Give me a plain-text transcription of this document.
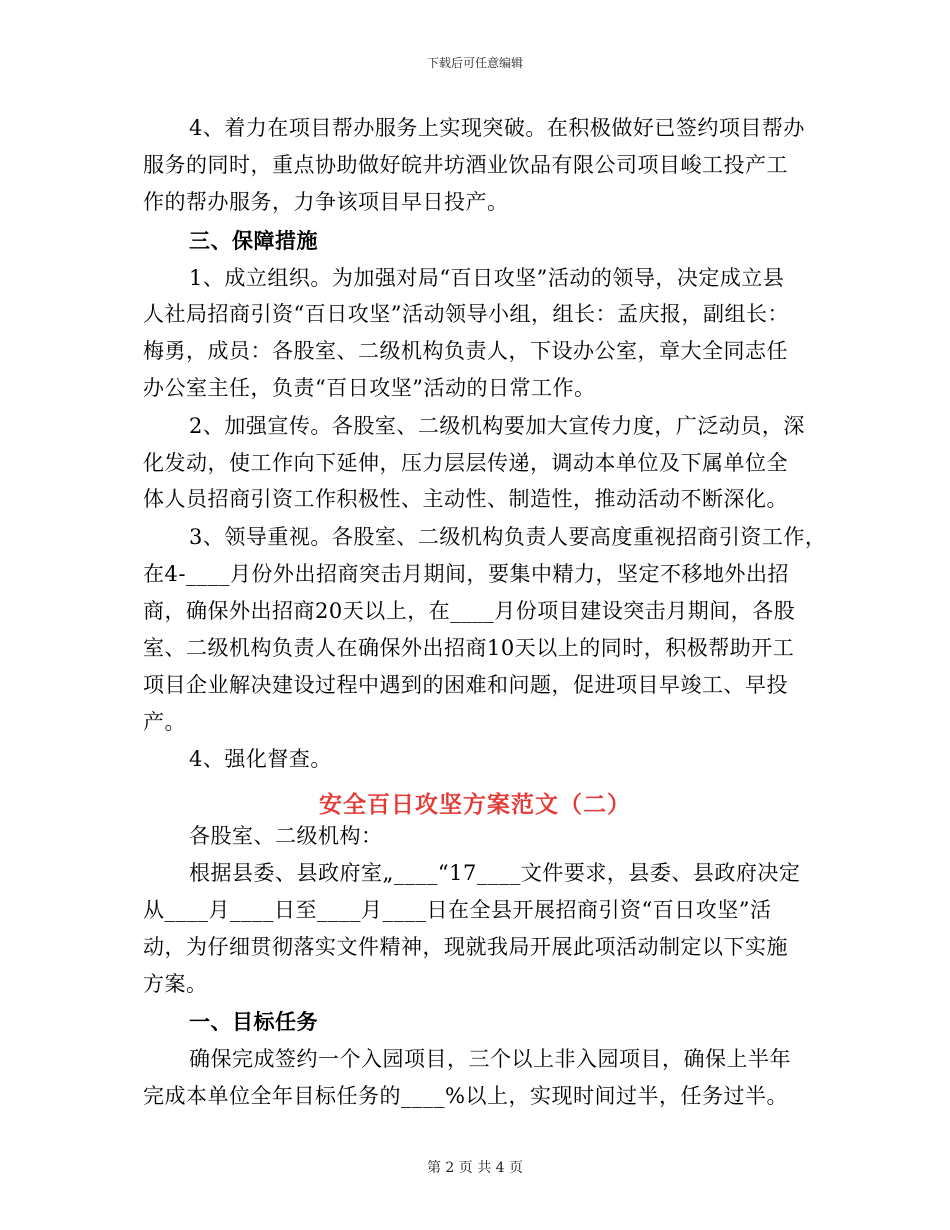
下载后可任意编辑
4、着力在项目帮办服务上实现突破。在积极做好已签约项目帮办
服务的同时，重点协助做好皖井坊酒业饮品有限公司项目峻工投产工
作的帮办服务，力争该项目早日投产。
三、保障措施
1、成立组织。为加强对局“百日攻坚”活动的领导，决定成立县
人社局招商引资“百日攻坚”活动领导小组，组长：孟庆报，副组长：
梅勇，成员：各股室、二级机构负责人，下设办公室，章大全同志任
办公室主任，负责“百日攻坚”活动的日常工作。
2、加强宣传。各股室、二级机构要加大宣传力度，广泛动员，深
化发动，使工作向下延伸，压力层层传递，调动本单位及下属单位全
体人员招商引资工作积极性、主动性、制造性，推动活动不断深化。
3、领导重视。各股室、二级机构负责人要高度重视招商引资工作，
在4-____月份外出招商突击月期间，要集中精力，坚定不移地外出招
商，确保外出招商20天以上，在____月份项目建设突击月期间，各股
室、二级机构负责人在确保外出招商10天以上的同时，积极帮助开工
项目企业解决建设过程中遇到的困难和问题，促进项目早竣工、早投
产。
4、强化督查。
安全百日攻坚方案范文（二）
各股室、二级机构：
根据县委、县政府室„____“17____文件要求，县委、县政府决定
从____月____日至____月____日在全县开展招商引资“百日攻坚”活
动，为仔细贯彻落实文件精神，现就我局开展此项活动制定以下实施
方案。
一、目标任务
确保完成签约一个入园项目，三个以上非入园项目，确保上半年
完成本单位全年目标任务的____%以上，实现时间过半，任务过半。
第 2 页 共 4 页
